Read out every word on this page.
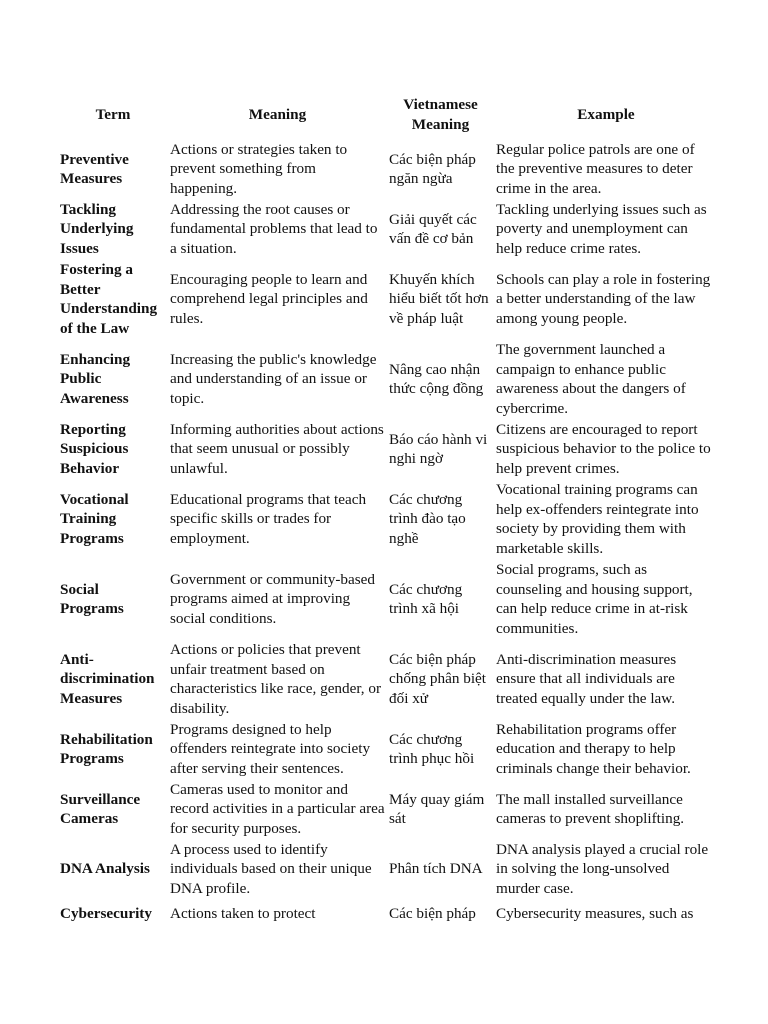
Term	Meaning	Vietnamese Meaning	Example
Preventive Measures	Actions or strategies taken to prevent something from happening.	Các biện pháp ngăn ngừa	Regular police patrols are one of the preventive measures to deter crime in the area.
Tackling Underlying Issues	Addressing the root causes or fundamental problems that lead to a situation.	Giải quyết các vấn đề cơ bản	Tackling underlying issues such as poverty and unemployment can help reduce crime rates.
Fostering a Better Understanding of the Law	Encouraging people to learn and comprehend legal principles and rules.	Khuyến khích hiểu biết tốt hơn về pháp luật	Schools can play a role in fostering a better understanding of the law among young people.
Enhancing Public Awareness	Increasing the public's knowledge and understanding of an issue or topic.	Nâng cao nhận thức cộng đồng	The government launched a campaign to enhance public awareness about the dangers of cybercrime.
Reporting Suspicious Behavior	Informing authorities about actions that seem unusual or possibly unlawful.	Báo cáo hành vi nghi ngờ	Citizens are encouraged to report suspicious behavior to the police to help prevent crimes.
Vocational Training Programs	Educational programs that teach specific skills or trades for employment.	Các chương trình đào tạo nghề	Vocational training programs can help ex-offenders reintegrate into society by providing them with marketable skills.
Social Programs	Government or community-based programs aimed at improving social conditions.	Các chương trình xã hội	Social programs, such as counseling and housing support, can help reduce crime in at-risk communities.
Anti-discrimination Measures	Actions or policies that prevent unfair treatment based on characteristics like race, gender, or disability.	Các biện pháp chống phân biệt đối xử	Anti-discrimination measures ensure that all individuals are treated equally under the law.
Rehabilitation Programs	Programs designed to help offenders reintegrate into society after serving their sentences.	Các chương trình phục hồi	Rehabilitation programs offer education and therapy to help criminals change their behavior.
Surveillance Cameras	Cameras used to monitor and record activities in a particular area for security purposes.	Máy quay giám sát	The mall installed surveillance cameras to prevent shoplifting.
DNA Analysis	A process used to identify individuals based on their unique DNA profile.	Phân tích DNA	DNA analysis played a crucial role in solving the long-unsolved murder case.
Cybersecurity	Actions taken to protect	Các biện pháp	Cybersecurity measures, such as
